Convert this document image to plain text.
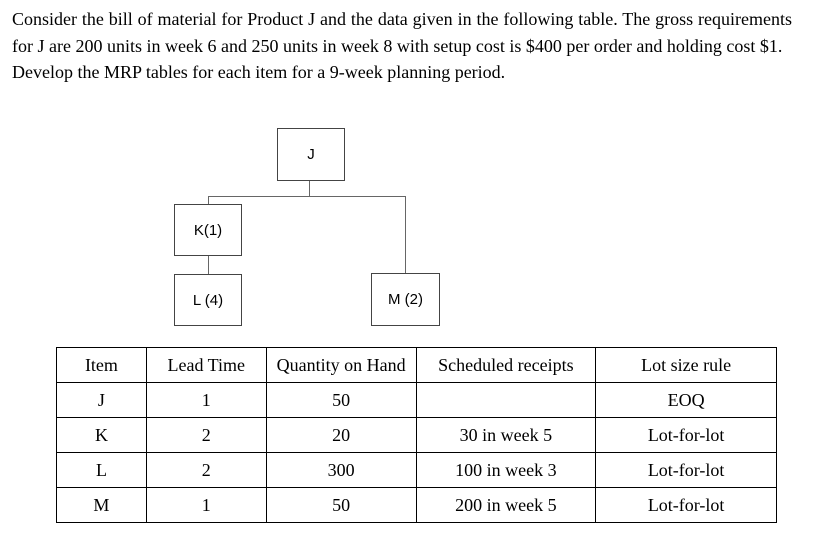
Consider the bill of material for Product J and the data given in the following table. The gross requirements for J are 200 units in week 6 and 250 units in week 8 with setup cost is $400 per order and holding cost $1.

Develop the MRP tables for each item for a 9-week planning period.

J
K(1)
L (4)	M (2)
Item	Lead Time	Quantity on Hand	Scheduled receipts	Lot size rule
J	1	50		EOQ
K	2	20	30 in week 5	Lot-for-lot
L	2	300	100 in week 3	Lot-for-lot
M	1	50	200 in week 5	Lot-for-lot
